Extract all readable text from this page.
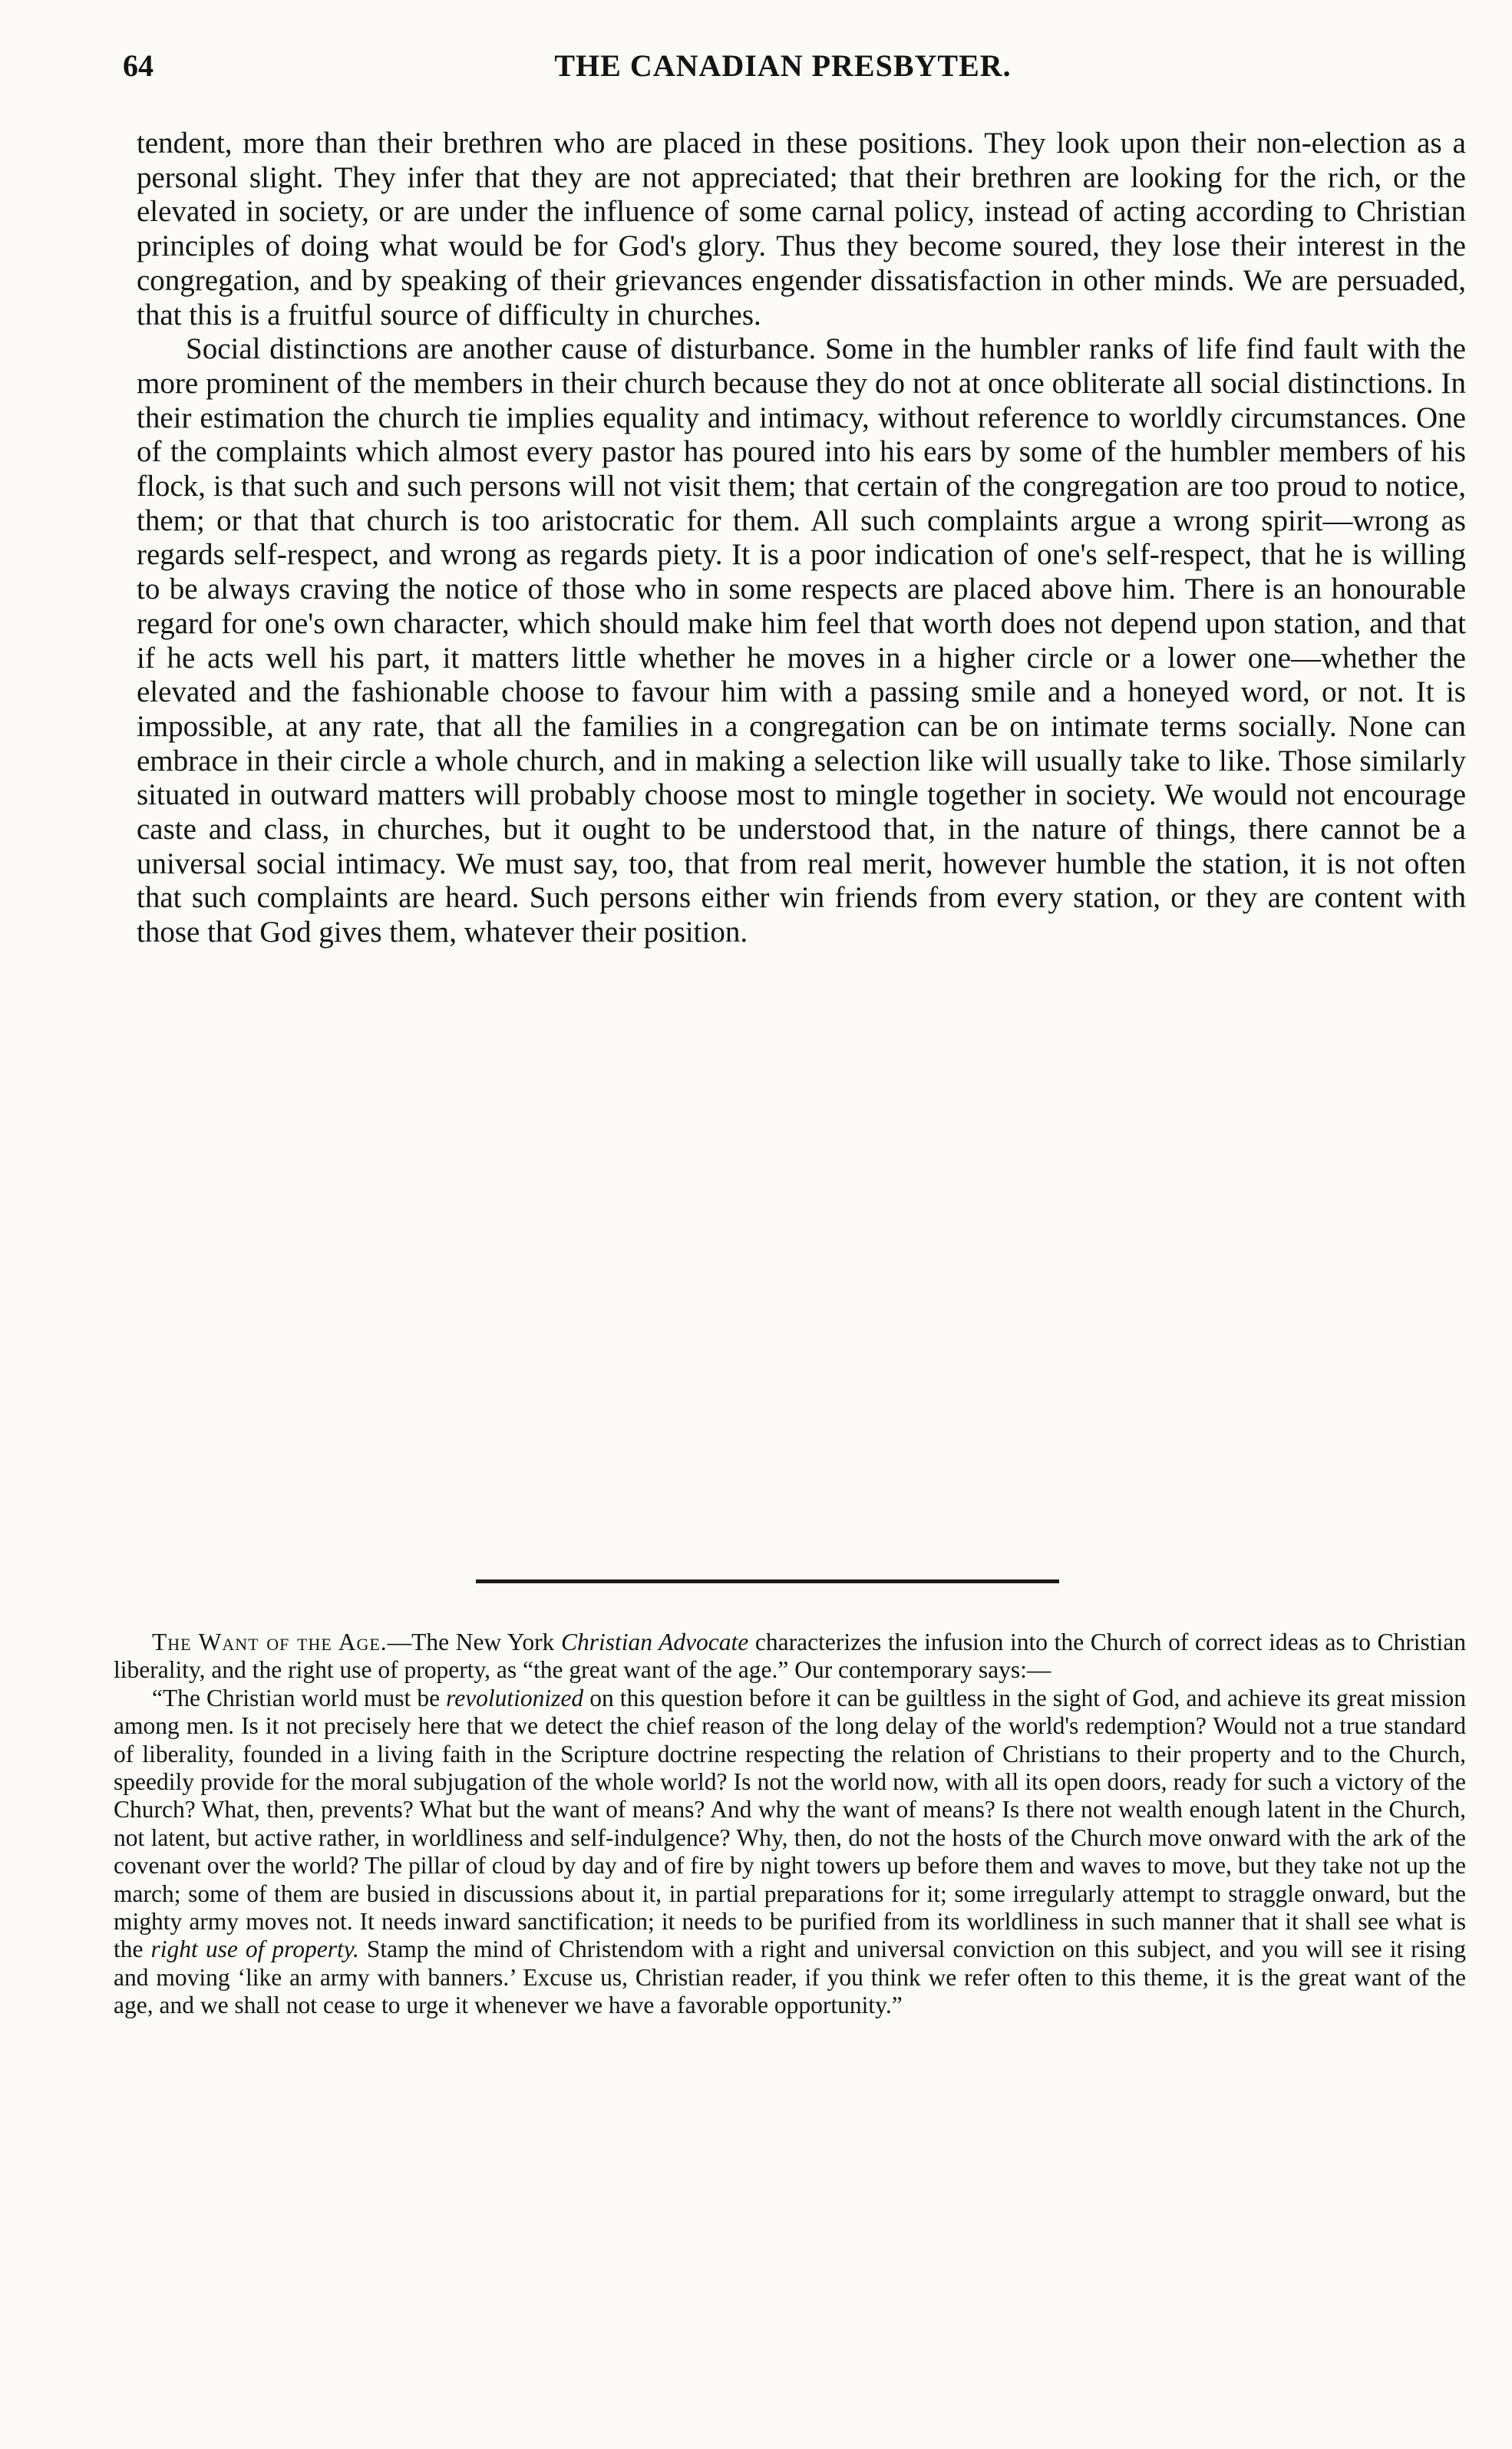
64	THE CANADIAN PRESBYTER.

tendent, more than their brethren who are placed in these positions. They look upon their non-election as a personal slight. They infer that they are not appreciated; that their brethren are looking for the rich, or the elevated in society, or are under the influence of some carnal policy, instead of acting according to Christian principles of doing what would be for God's glory. Thus they become soured, they lose their interest in the congregation, and by speaking of their grievances engender dissatisfaction in other minds. We are persuaded, that this is a fruitful source of difficulty in churches.

Social distinctions are another cause of disturbance. Some in the humbler ranks of life find fault with the more prominent of the members in their church because they do not at once obliterate all social distinctions. In their estimation the church tie implies equality and intimacy, without reference to worldly circumstances. One of the complaints which almost every pastor has poured into his ears by some of the humbler members of his flock, is that such and such persons will not visit them; that certain of the congregation are too proud to notice, them; or that that church is too aristocratic for them. All such complaints argue a wrong spirit—wrong as regards self-respect, and wrong as regards piety. It is a poor indication of one's self-respect, that he is willing to be always craving the notice of those who in some respects are placed above him. There is an honourable regard for one's own character, which should make him feel that worth does not depend upon station, and that if he acts well his part, it matters little whether he moves in a higher circle or a lower one—whether the elevated and the fashionable choose to favour him with a passing smile and a honeyed word, or not. It is impossible, at any rate, that all the families in a congregation can be on intimate terms socially. None can embrace in their circle a whole church, and in making a selection like will usually take to like. Those similarly situated in outward matters will probably choose most to mingle together in society. We would not encourage caste and class, in churches, but it ought to be understood that, in the nature of things, there cannot be a universal social intimacy. We must say, too, that from real merit, however humble the station, it is not often that such complaints are heard. Such persons either win friends from every station, or they are content with those that God gives them, whatever their position.

The Want of the Age.—The New York Christian Advocate characterizes the infusion into the Church of correct ideas as to Christian liberality, and the right use of property, as “the great want of the age.” Our contemporary says:—

“The Christian world must be revolutionized on this question before it can be guiltless in the sight of God, and achieve its great mission among men. Is it not precisely here that we detect the chief reason of the long delay of the world's redemption? Would not a true standard of liberality, founded in a living faith in the Scripture doctrine respecting the relation of Christians to their property and to the Church, speedily provide for the moral subjugation of the whole world? Is not the world now, with all its open doors, ready for such a victory of the Church? What, then, prevents? What but the want of means? And why the want of means? Is there not wealth enough latent in the Church, not latent, but active rather, in worldliness and self-indulgence? Why, then, do not the hosts of the Church move onward with the ark of the covenant over the world? The pillar of cloud by day and of fire by night towers up before them and waves to move, but they take not up the march; some of them are busied in discussions about it, in partial preparations for it; some irregularly attempt to straggle onward, but the mighty army moves not. It needs inward sanctification; it needs to be purified from its worldliness in such manner that it shall see what is the right use of property. Stamp the mind of Christendom with a right and universal conviction on this subject, and you will see it rising and moving ‘like an army with banners.’ Excuse us, Christian reader, if you think we refer often to this theme, it is the great want of the age, and we shall not cease to urge it whenever we have a favorable opportunity.”
